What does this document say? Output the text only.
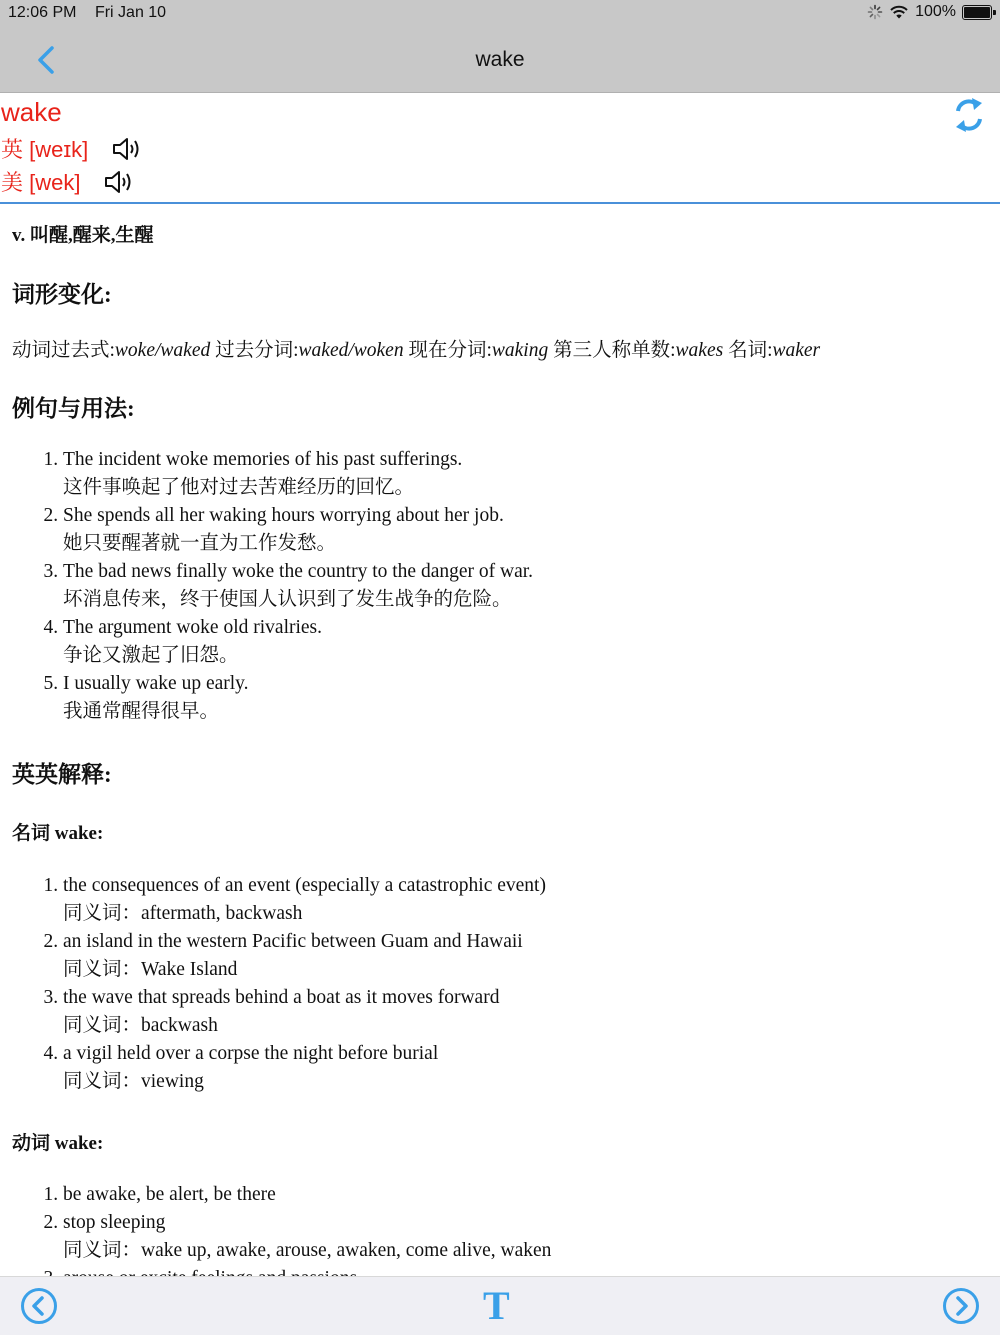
12:06 PM Fri Jan 10	100%
wake
wake
英 [weɪk]
美 [wek]
v. 叫醒,醒来,生醒
词形变化:
动词过去式:woke/waked 过去分词:waked/woken 现在分词:waking 第三人称单数:wakes 名词:waker
例句与用法:
1. The incident woke memories of his past sufferings.
这件事唤起了他对过去苦难经历的回忆。
2. She spends all her waking hours worrying about her job.
她只要醒著就一直为工作发愁。
3. The bad news finally woke the country to the danger of war.
坏消息传来，终于使国人认识到了发生战争的危险。
4. The argument woke old rivalries.
争论又激起了旧怨。
5. I usually wake up early.
我通常醒得很早。
英英解释:
名词 wake:
1. the consequences of an event (especially a catastrophic event)
同义词：aftermath, backwash
2. an island in the western Pacific between Guam and Hawaii
同义词：Wake Island
3. the wave that spreads behind a boat as it moves forward
同义词：backwash
4. a vigil held over a corpse the night before burial
同义词：viewing
动词 wake:
1. be awake, be alert, be there
2. stop sleeping
同义词：wake up, awake, arouse, awaken, come alive, waken
3.
T
